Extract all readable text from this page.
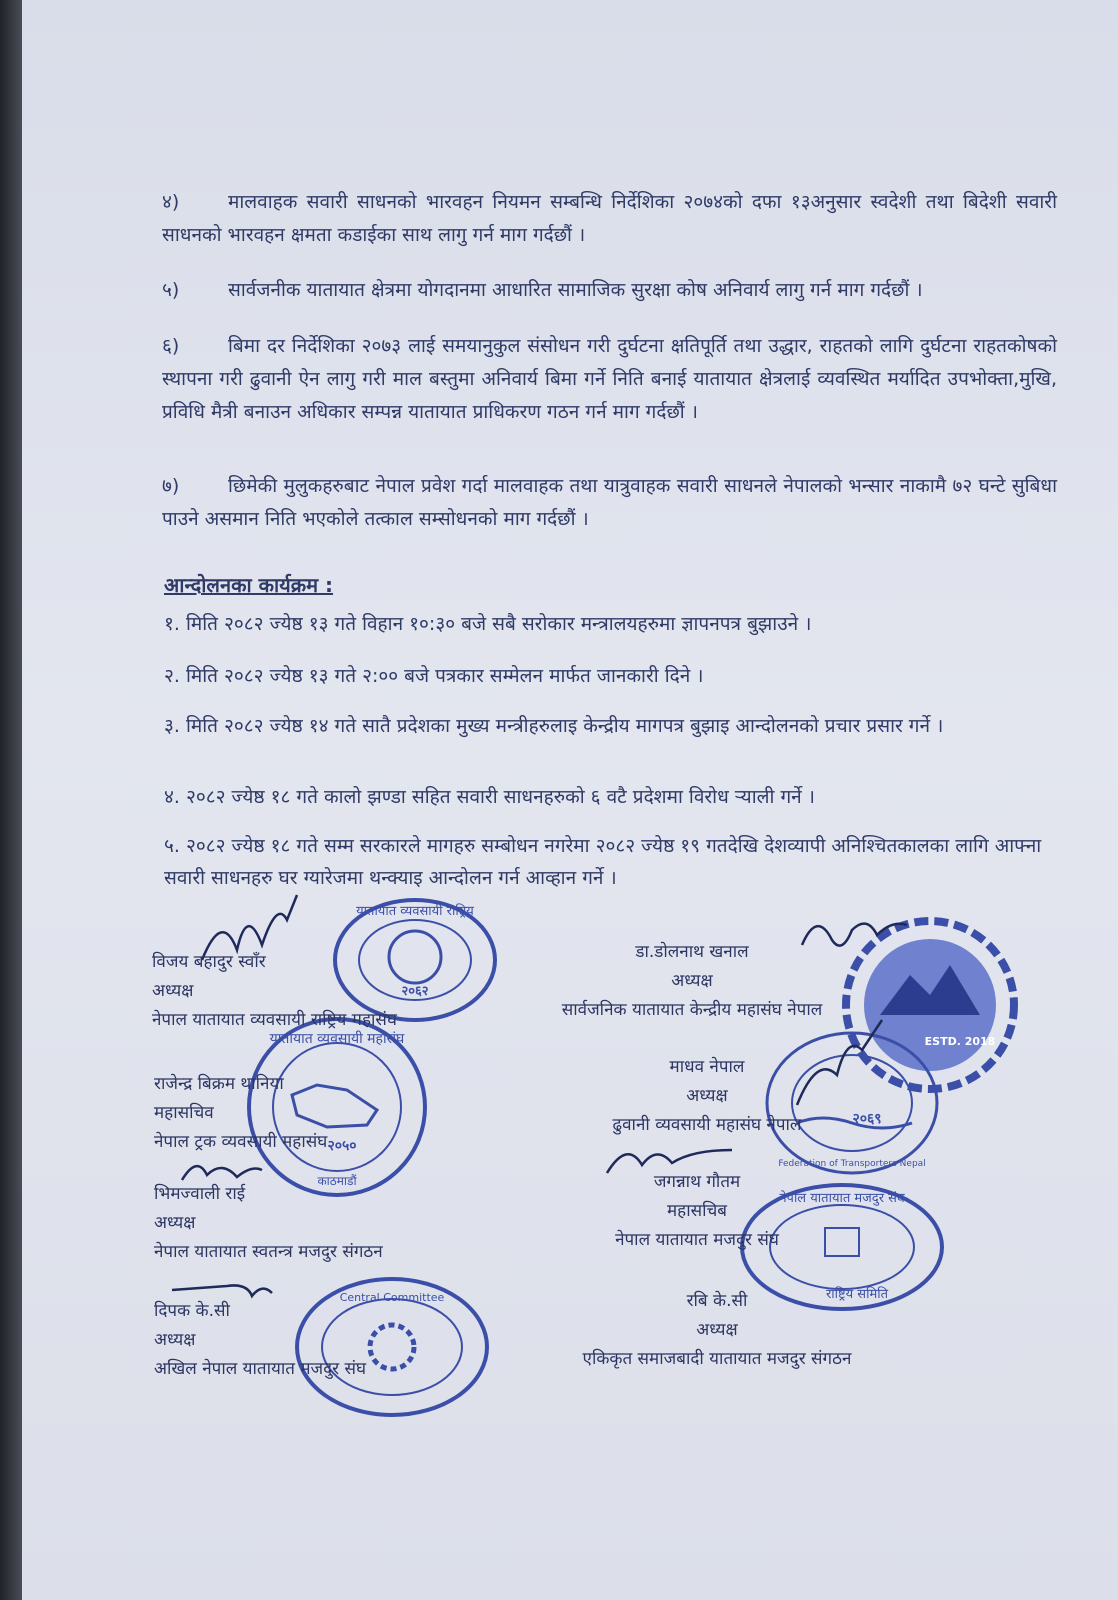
४)	मालवाहक सवारी साधनको भारवहन नियमन सम्बन्धि निर्देशिका २०७४को दफा १३अनुसार स्वदेशी तथा बिदेशी सवारी साधनको भारवहन क्षमता कडाईका साथ लागु गर्न माग गर्दछौं ।
५)	सार्वजनीक यातायात क्षेत्रमा योगदानमा आधारित सामाजिक सुरक्षा कोष अनिवार्य लागु गर्न माग गर्दछौं ।
६)	बिमा दर निर्देशिका २०७३ लाई समयानुकुल संसोधन गरी दुर्घटना क्षतिपूर्ति तथा उद्धार, राहतको लागि दुर्घटना राहतकोषको स्थापना गरी ढुवानी ऐन लागु गरी माल बस्तुमा अनिवार्य बिमा गर्ने निति बनाई यातायात क्षेत्रलाई व्यवस्थित मर्यादित उपभोक्ता,मुखि, प्रविधि मैत्री बनाउन अधिकार सम्पन्न यातायात प्राधिकरण गठन गर्न माग गर्दछौं ।
७)	छिमेकी मुलुकहरुबाट नेपाल प्रवेश गर्दा मालवाहक तथा यात्रुवाहक सवारी साधनले नेपालको भन्सार नाकामै ७२ घन्टे सुबिधा पाउने असमान निति भएकोले तत्काल सम्सोधनको माग गर्दछौं ।
आन्दोलनका कार्यक्रम :
१. मिति २०८२ ज्येष्ठ १३ गते विहान १०:३० बजे सबै सरोकार मन्त्रालयहरुमा ज्ञापनपत्र बुझाउने ।
२. मिति २०८२ ज्येष्ठ १३ गते २:०० बजे पत्रकार सम्मेलन मार्फत जानकारी दिने ।
३. मिति २०८२ ज्येष्ठ १४ गते सातै प्रदेशका मुख्य मन्त्रीहरुलाइ केन्द्रीय मागपत्र बुझाइ आन्दोलनको प्रचार प्रसार गर्ने ।
४. २०८२ ज्येष्ठ १८ गते कालो झण्डा सहित सवारी साधनहरुको ६ वटै प्रदेशमा विरोध ऱ्याली गर्ने ।
५. २०८२ ज्येष्ठ १८ गते सम्म सरकारले मागहरु सम्बोधन नगरेमा २०८२ ज्येष्ठ १९ गतदेखि देशव्यापी अनिश्चितकालका लागि आफ्ना सवारी साधनहरु घर ग्यारेजमा थन्क्याइ आन्दोलन गर्न आव्हान गर्ने ।
यातायात व्यवसायी राष्ट्रिय
२०६२
ESTD. 2018
यातायात व्यवसायी महासंघ
२०५०
काठमाडौं
२०६९
Federation of Transporters Nepal
नेपाल यातायात मजदुर संघ
राष्ट्रिय समिति
Central Committee
विजय बहादुर स्वाँर
अध्यक्ष
नेपाल यातायात व्यवसायी राष्ट्रिय महासंघ
डा.डोलनाथ खनाल
अध्यक्ष
सार्वजनिक यातायात केन्द्रीय महासंघ नेपाल
राजेन्द्र बिक्रम थानिया
महासचिव
नेपाल ट्रक व्यवसायी महासंघ
माधव नेपाल
अध्यक्ष
ढुवानी व्यवसायी महासंघ नेपाल
भिमज्वाली राई
अध्यक्ष
नेपाल यातायात स्वतन्त्र मजदुर संगठन
जगन्नाथ गौतम
महासचिब
नेपाल यातायात मजदुर संघ
दिपक के.सी
अध्यक्ष
अखिल नेपाल यातायात मजदुर संघ
रबि के.सी
अध्यक्ष
एकिकृत समाजबादी यातायात मजदुर संगठन
